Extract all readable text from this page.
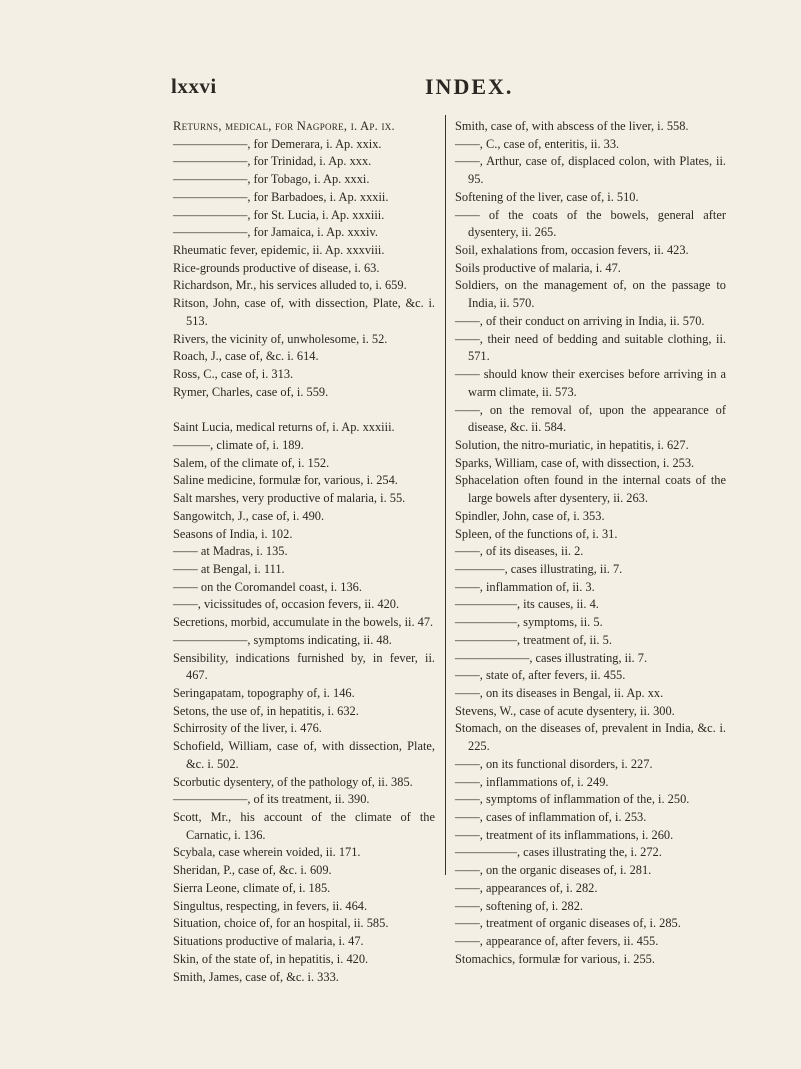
lxxvi	INDEX.
Returns, medical, for Nagpore, i. Ap. ix.
——————, for Demerara, i. Ap. xxix.
——————, for Trinidad, i. Ap. xxx.
——————, for Tobago, i. Ap. xxxi.
——————, for Barbadoes, i. Ap. xxxii.
——————, for St. Lucia, i. Ap. xxxiii.
——————, for Jamaica, i. Ap. xxxiv.
Rheumatic fever, epidemic, ii. Ap. xxxviii.
Rice-grounds productive of disease, i. 63.
Richardson, Mr., his services alluded to, i. 659.
Ritson, John, case of, with dissection, Plate, &c. i. 513.
Rivers, the vicinity of, unwholesome, i. 52.
Roach, J., case of, &c. i. 614.
Ross, C., case of, i. 313.
Rymer, Charles, case of, i. 559.
Saint Lucia, medical returns of, i. Ap. xxxiii.
———, climate of, i. 189.
Salem, of the climate of, i. 152.
Saline medicine, formulæ for, various, i. 254.
Salt marshes, very productive of malaria, i. 55.
Sangowitch, J., case of, i. 490.
Seasons of India, i. 102.
—— at Madras, i. 135.
—— at Bengal, i. 111.
—— on the Coromandel coast, i. 136.
——, vicissitudes of, occasion fevers, ii. 420.
Secretions, morbid, accumulate in the bowels, ii. 47.
——————, symptoms indicating, ii. 48.
Sensibility, indications furnished by, in fever, ii. 467.
Seringapatam, topography of, i. 146.
Setons, the use of, in hepatitis, i. 632.
Schirrosity of the liver, i. 476.
Schofield, William, case of, with dissection, Plate, &c. i. 502.
Scorbutic dysentery, of the pathology of, ii. 385.
——————, of its treatment, ii. 390.
Scott, Mr., his account of the climate of the Carnatic, i. 136.
Scybala, case wherein voided, ii. 171.
Sheridan, P., case of, &c. i. 609.
Sierra Leone, climate of, i. 185.
Singultus, respecting, in fevers, ii. 464.
Situation, choice of, for an hospital, ii. 585.
Situations productive of malaria, i. 47.
Skin, of the state of, in hepatitis, i. 420.
Smith, James, case of, &c. i. 333.
Smith, case of, with abscess of the liver, i. 558.
——, C., case of, enteritis, ii. 33.
——, Arthur, case of, displaced colon, with Plates, ii. 95.
Softening of the liver, case of, i. 510.
—— of the coats of the bowels, general after dysentery, ii. 265.
Soil, exhalations from, occasion fevers, ii. 423.
Soils productive of malaria, i. 47.
Soldiers, on the management of, on the passage to India, ii. 570.
——, of their conduct on arriving in India, ii. 570.
——, their need of bedding and suitable clothing, ii. 571.
—— should know their exercises before arriving in a warm climate, ii. 573.
——, on the removal of, upon the appearance of disease, &c. ii. 584.
Solution, the nitro-muriatic, in hepatitis, i. 627.
Sparks, William, case of, with dissection, i. 253.
Sphacelation often found in the internal coats of the large bowels after dysentery, ii. 263.
Spindler, John, case of, i. 353.
Spleen, of the functions of, i. 31.
——, of its diseases, ii. 2.
————, cases illustrating, ii. 7.
——, inflammation of, ii. 3.
—————, its causes, ii. 4.
—————, symptoms, ii. 5.
—————, treatment of, ii. 5.
——————, cases illustrating, ii. 7.
——, state of, after fevers, ii. 455.
——, on its diseases in Bengal, ii. Ap. xx.
Stevens, W., case of acute dysentery, ii. 300.
Stomach, on the diseases of, prevalent in India, &c. i. 225.
——, on its functional disorders, i. 227.
——, inflammations of, i. 249.
——, symptoms of inflammation of the, i. 250.
——, cases of inflammation of, i. 253.
——, treatment of its inflammations, i. 260.
—————, cases illustrating the, i. 272.
——, on the organic diseases of, i. 281.
——, appearances of, i. 282.
——, softening of, i. 282.
——, treatment of organic diseases of, i. 285.
——, appearance of, after fevers, ii. 455.
Stomachics, formulæ for various, i. 255.
